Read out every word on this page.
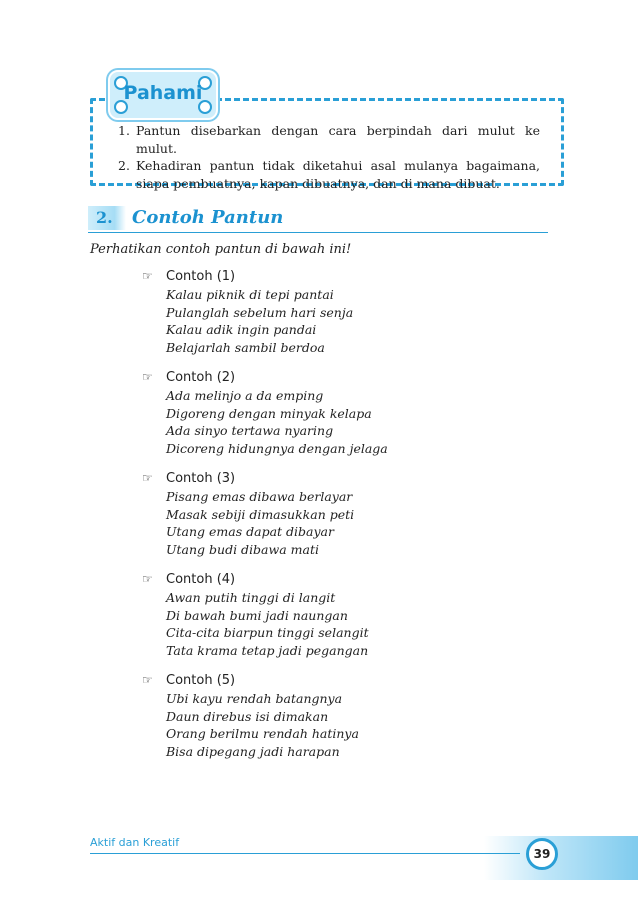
Pahami
1. Pantun disebarkan dengan cara berpindah dari mulut ke mulut.
2. Kehadiran pantun tidak diketahui asal mulanya bagaimana, siapa pembuatnya, kapan dibuatnya, dan di mana dibuat.
2.	Contoh Pantun
Perhatikan contoh pantun di bawah ini!
☞	Contoh (1)
Kalau piknik di tepi pantai
Pulanglah sebelum hari senja
Kalau adik ingin pandai
Belajarlah sambil berdoa
☞	Contoh (2)
Ada melinjo a da emping
Digoreng dengan minyak kelapa
Ada sinyo tertawa nyaring
Dicoreng hidungnya dengan jelaga
☞	Contoh (3)
Pisang emas dibawa berlayar
Masak sebiji dimasukkan peti
Utang emas dapat dibayar
Utang budi dibawa mati
☞	Contoh (4)
Awan putih tinggi di langit
Di bawah bumi jadi naungan
Cita-cita biarpun tinggi selangit
Tata krama tetap jadi pegangan
☞	Contoh (5)
Ubi kayu rendah batangnya
Daun direbus isi dimakan
Orang berilmu rendah hatinya
Bisa dipegang jadi harapan
Aktif dan Kreatif
39
